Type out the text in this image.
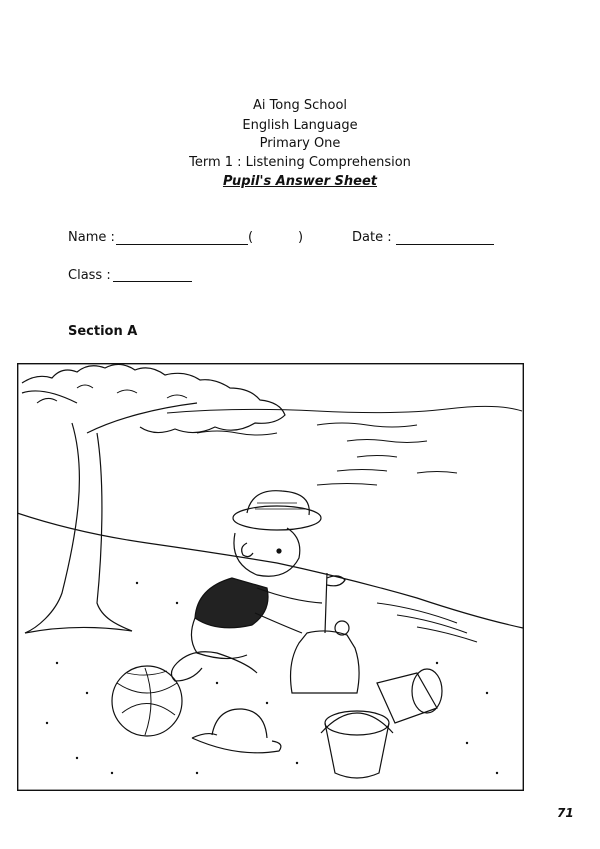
Ai Tong School
English Language
Primary One
Term 1 : Listening Comprehension
Pupil's Answer Sheet
Name :	(	)	Date :
Class :
Section A
71
